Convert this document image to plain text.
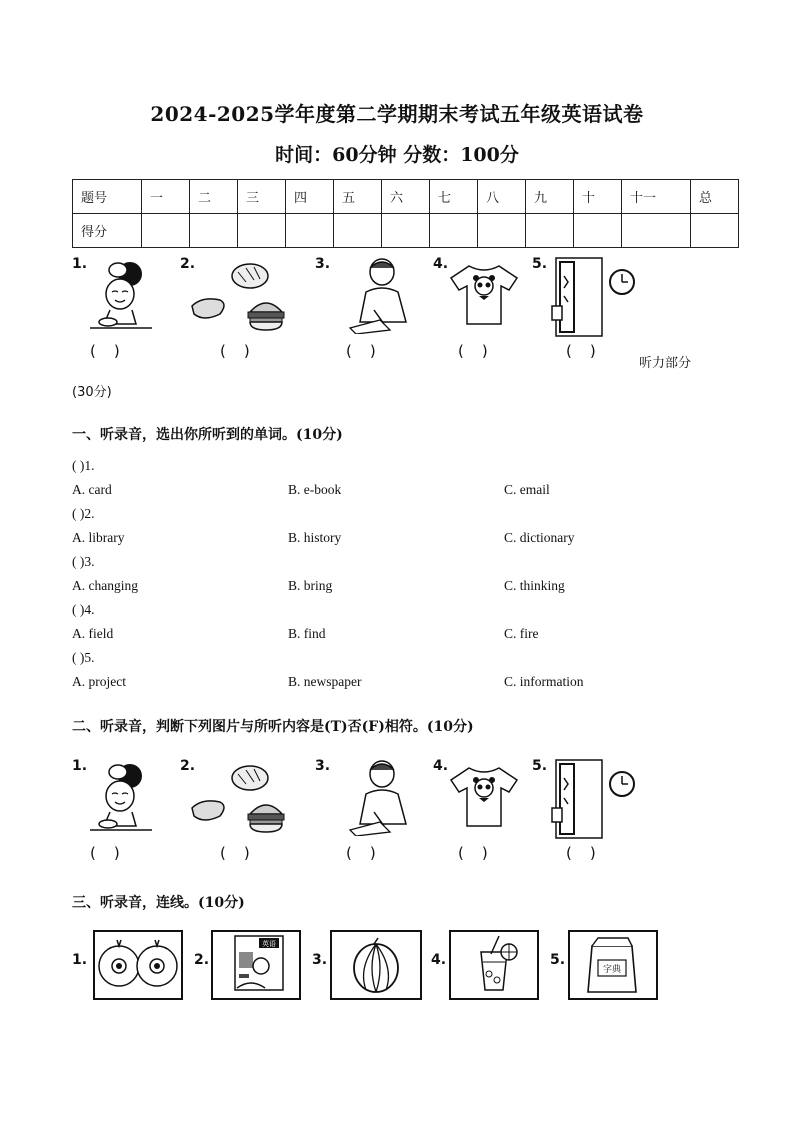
2024-2025学年度第二学期期末考试五年级英语试卷
时间：60分钟 分数：100分
题号	一	二	三	四	五	六	七	八	九	十	十一	总
得分												
1.	2.	3.	4.	5.
()	()	()	()	()
听力部分
(30分)
一、听录音，选出你所听到的单词。(10分)
( )1.
A. card	B. e-book	C. email
( )2.
A. library	B. history	C. dictionary
( )3.
A. changing	B. bring	C. thinking
( )4.
A. field	B. find	C. fire
( )5.
A. project	B. newspaper	C. information
二、听录音，判断下列图片与所听内容是(T)否(F)相符。(10分)
1.	2.	3.	4.	5.
()	()	()	()	()
三、听录音，连线。(10分)
1.	2.
英语
3.	4.	5.
字典
